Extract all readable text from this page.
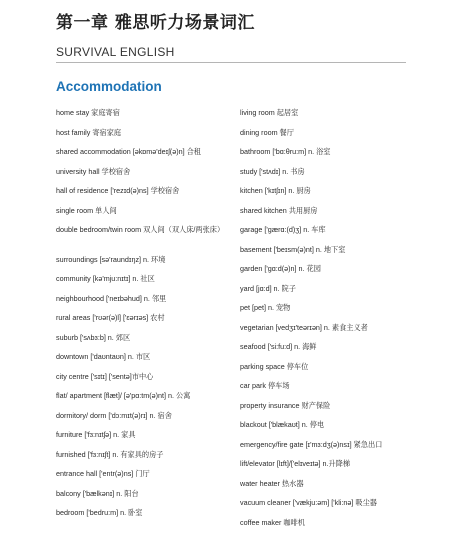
第一章 雅思听力场景词汇
SURVIVAL ENGLISH
Accommodation
home stay 家庭寄宿
host family 寄宿家庭
shared accommodation [əkɒmə'deɪʃ(ə)n] 合租
university hall 学校宿舍
hall of residence ['rezɪd(ə)ns] 学校宿舍
single room 单人间
double bedroom/twin room 双人间（双人床/两张床）
surroundings [sə'raundɪŋz] n. 环境
community [kə'mju:nɪtɪ] n. 社区
neighbourhood ['neɪbəhud] n. 邻里
rural areas ['rʊər(ə)l] ['ɛərɪəs] 农村
suburb ['sʌbɜ:b] n. 郊区
downtown ['daʊntaʊn] n. 市区
city centre ['sɪtɪ] ['sentə]市中心
flat/ apartment [flæt]/ [ə'pɑ:tm(ə)nt] n. 公寓
dormitory/ dorm ['dɔ:mɪt(ə)rɪ] n. 宿舍
furniture ['fɜ:nɪtʃə] n. 家具
furnished ['fɜ:nɪʃt] n. 有家具的房子
entrance hall ['entr(ə)ns] 门厅
balcony ['bælkənɪ] n. 阳台
bedroom ['bedru:m] n. 卧室
living room 起居室
dining room 餐厅
bathroom ['bɑ:θru:m] n. 浴室
study ['stʌdɪ] n. 书房
kitchen ['kɪtʃɪn] n. 厨房
shared kitchen 共用厨房
garage ['gærɑ:(d)ʒ] n. 车库
basement ['beɪsm(ə)nt] n. 地下室
garden ['gɑ:d(ə)n] n. 花园
yard [jɑ:d] n. 院子
pet [pet] n. 宠物
vegetarian [vedʒɪ'teərɪən] n. 素食主义者
seafood ['si:fu:d] n. 海鲜
parking space 停车位
car park 停车场
property insurance 财产保险
blackout ['blækaʊt] n. 停电
emergency/fire gate [ɪ'mɜ:dʒ(ə)nsɪ] 紧急出口
lift/elevator [lɪft]/['elɪveɪtə] n.升降梯
water heater 热水器
vacuum cleaner ['vækju:əm] ['kli:nə] 吸尘器
coffee maker 咖啡机
